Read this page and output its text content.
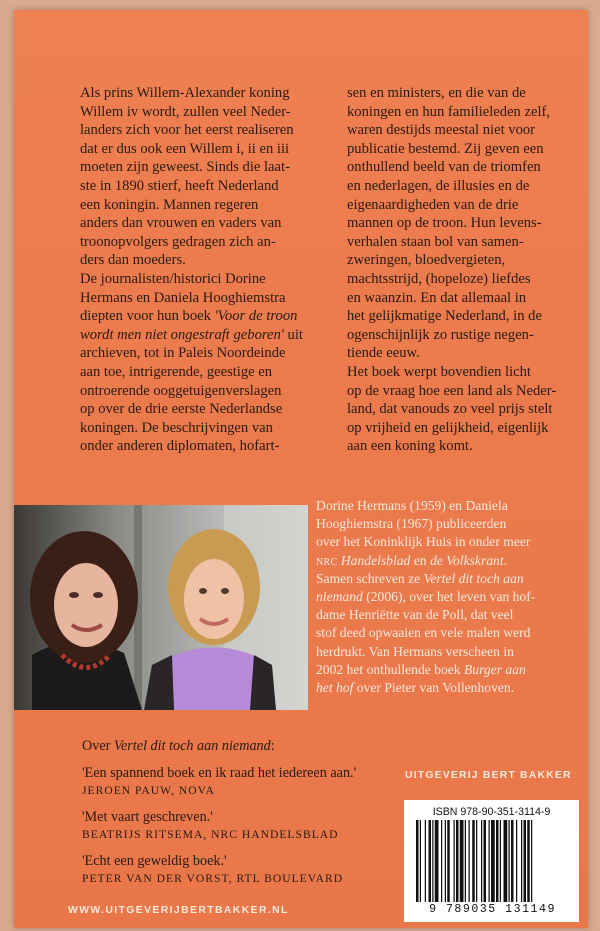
Als prins Willem-Alexander koning
Willem iv wordt, zullen veel Neder-
landers zich voor het eerst realiseren
dat er dus ook een Willem i, ii en iii
moeten zijn geweest. Sinds die laat-
ste in 1890 stierf, heeft Nederland
een koningin. Mannen regeren
anders dan vrouwen en vaders van
troonopvolgers gedragen zich an-
ders dan moeders.

De journalisten/historici Dorine
Hermans en Daniela Hooghiemstra
diepten voor hun boek 'Voor de troon
wordt men niet ongestraft geboren' uit
archieven, tot in Paleis Noordeinde
aan toe, intrigerende, geestige en
ontroerende ooggetuigenverslagen
op over de drie eerste Nederlandse
koningen. De beschrijvingen van
onder anderen diplomaten, hofart-

sen en ministers, en die van de
koningen en hun familieleden zelf,
waren destijds meestal niet voor
publicatie bestemd. Zij geven een
onthullend beeld van de triomfen
en nederlagen, de illusies en de
eigenaardigheden van de drie
mannen op de troon. Hun levens-
verhalen staan bol van samen-
zweringen, bloedvergieten,
machtsstrijd, (hopeloze) liefdes
en waanzin. En dat allemaal in
het gelijkmatige Nederland, in de
ogenschijnlijk zo rustige negen-
tiende eeuw.

Het boek werpt bovendien licht
op de vraag hoe een land als Neder-
land, dat vanouds zo veel prijs stelt
op vrijheid en gelijkheid, eigenlijk
aan een koning komt.

Dorine Hermans (1959) en Daniela
Hooghiemstra (1967) publiceerden
over het Koninklijk Huis in onder meer
nrc Handelsblad en de Volkskrant.
Samen schreven ze Vertel dit toch aan
niemand (2006), over het leven van hof-
dame Henriëtte van de Poll, dat veel
stof deed opwaaien en vele malen werd
herdrukt. Van Hermans verscheen in
2002 het onthullende boek Burger aan
het hof over Pieter van Vollenhoven.
Over Vertel dit toch aan niemand:
'Een spannend boek en ik raad het iedereen aan.'
JEROEN PAUW, NOVA
'Met vaart geschreven.'
BEATRIJS RITSEMA, NRC HANDELSBLAD
'Echt een geweldig boek.'
PETER VAN DER VORST, RTL BOULEVARD
UITGEVERIJ BERT BAKKER
ISBN 978-90-351-3114-9
9 789035 131149
WWW.UITGEVERIJBERTBAKKER.NL
